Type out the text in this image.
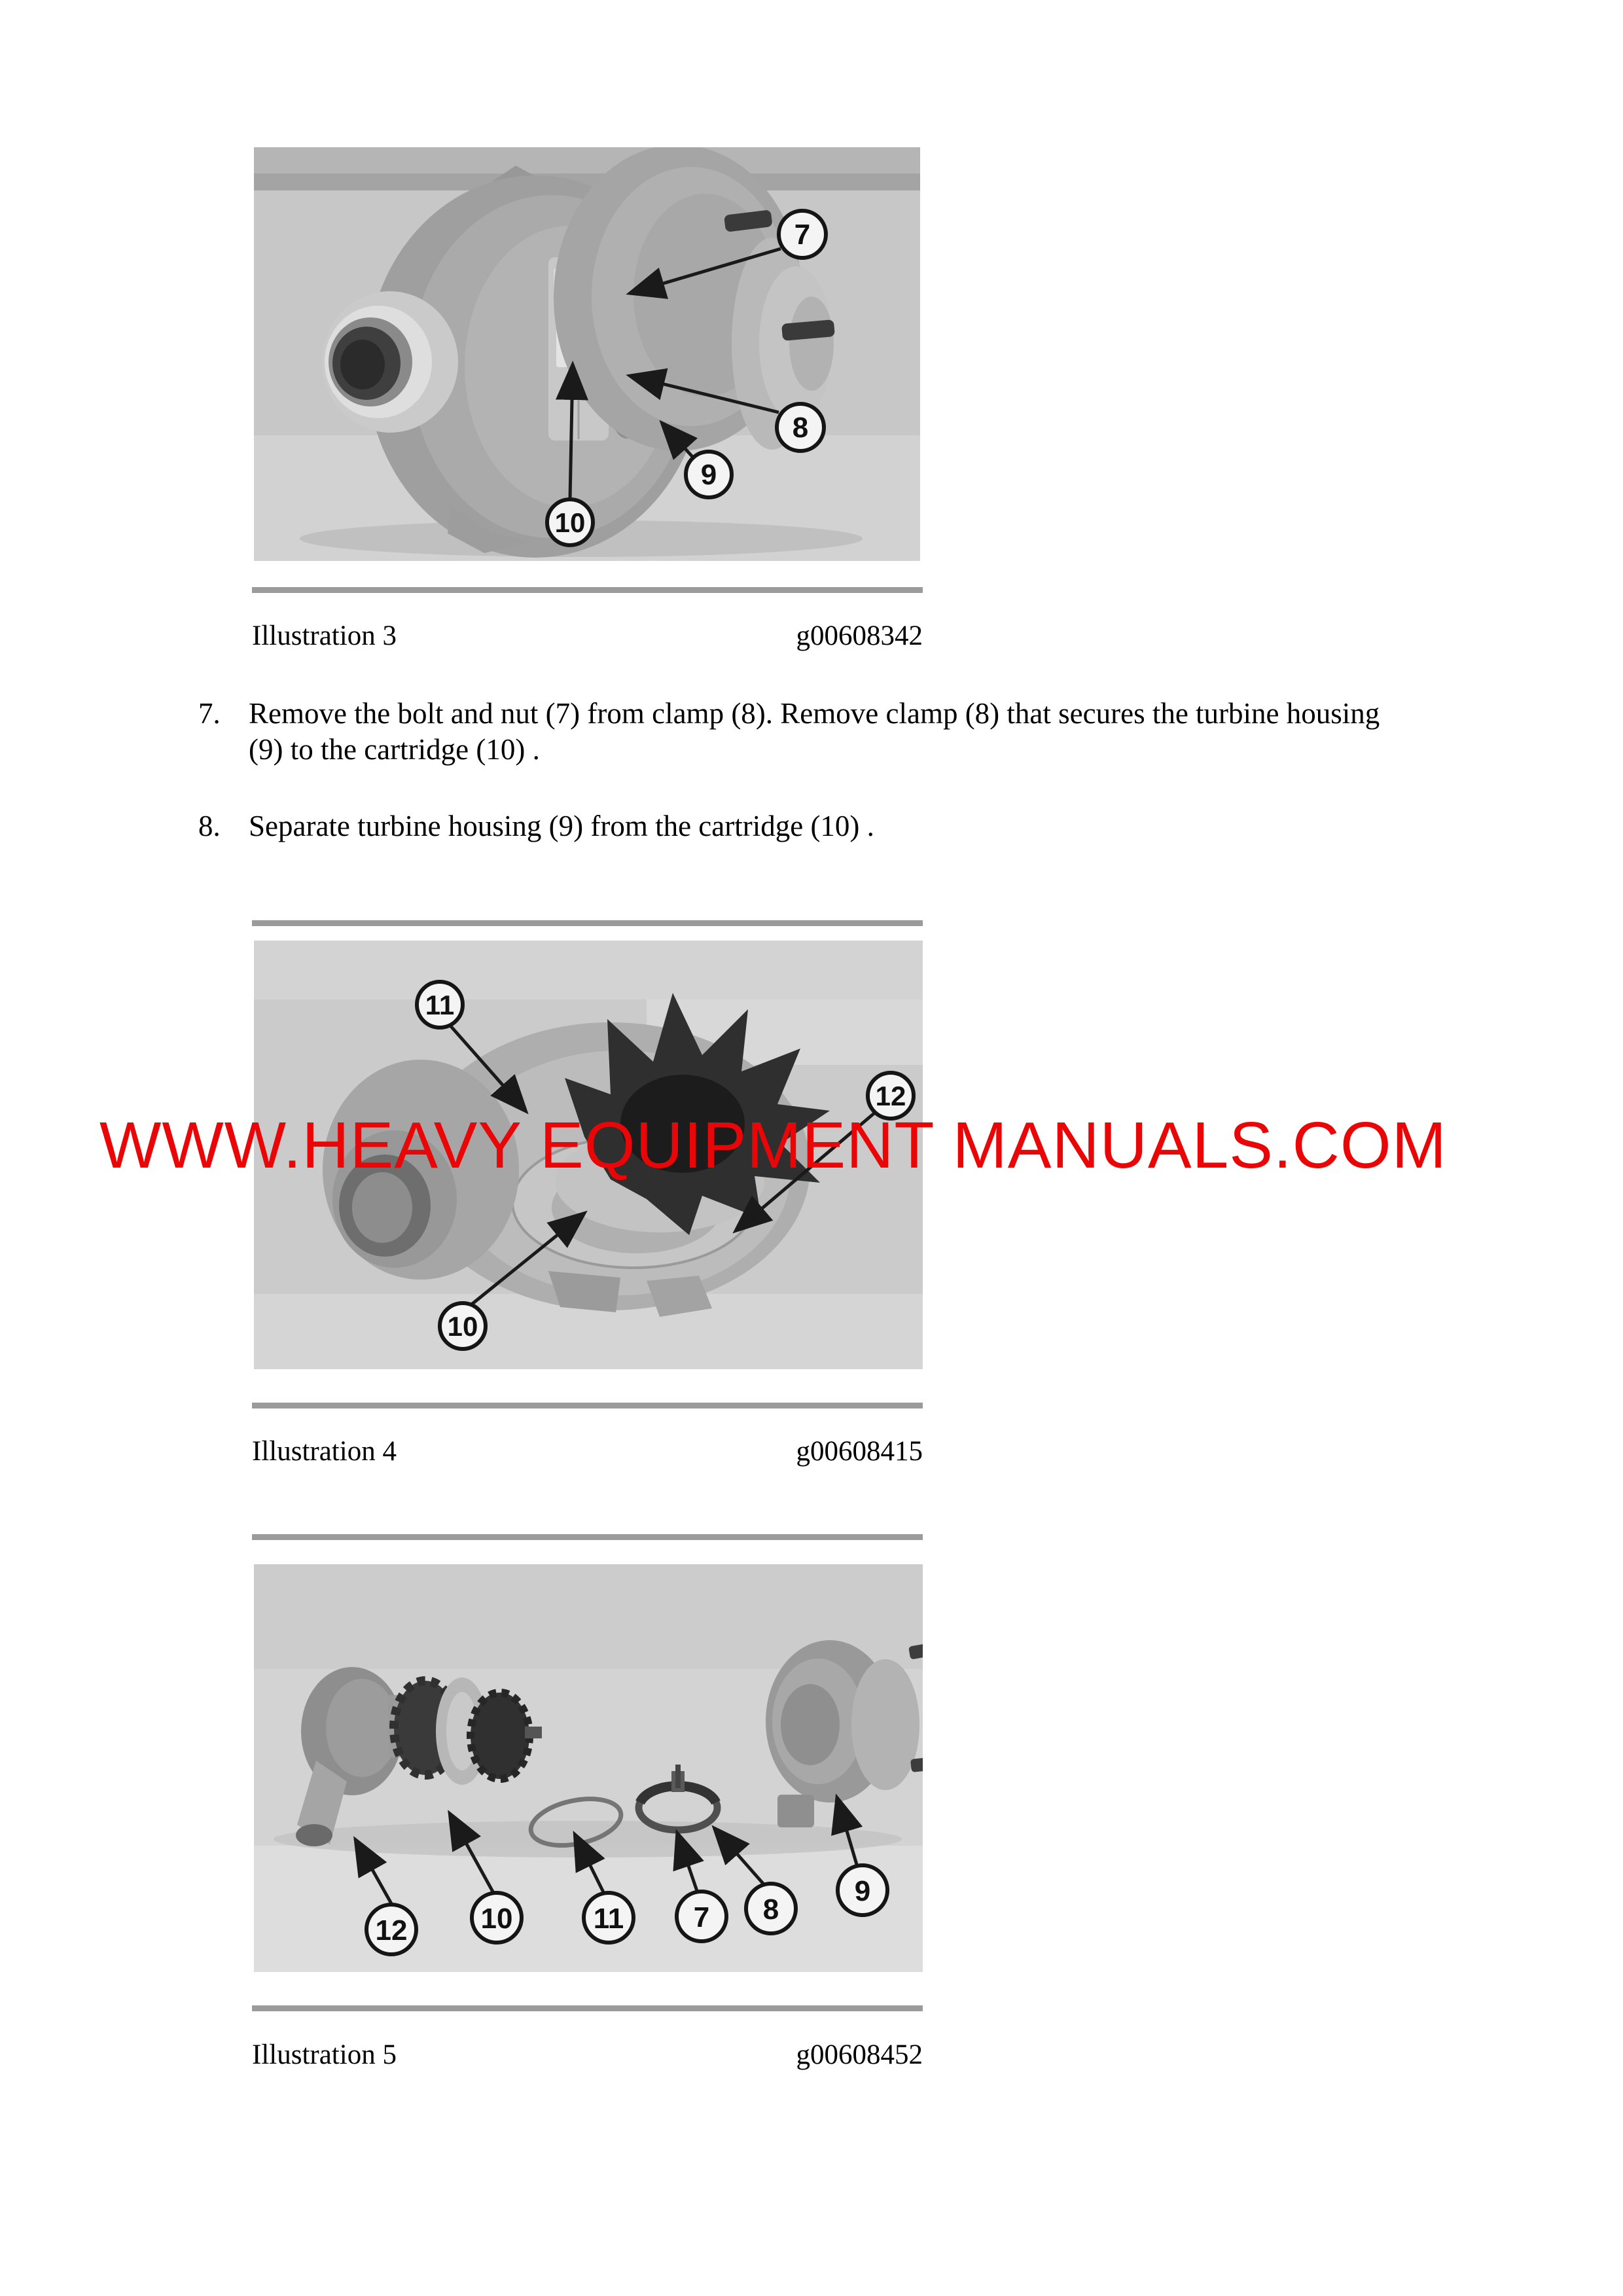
7
8
9
10
Illustration 3	g00608342
7. Remove the bolt and nut (7) from clamp (8). Remove clamp (8) that secures the turbine housing (9) to the cartridge (10) .
8. Separate turbine housing (9) from the cartridge (10) .
11
12
10
Illustration 4	g00608415
12	10	11 7 8
9
Illustration 5	g00608452
WWW.HEAVY EQUIPMENT MANUALS.COM
